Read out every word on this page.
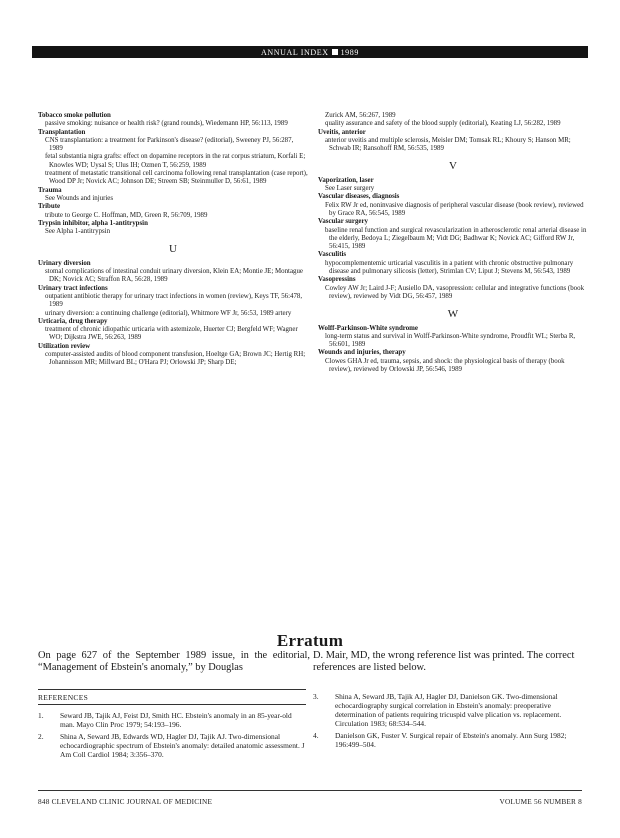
ANNUAL INDEX 1989

Tobacco smoke pollution

passive smoking: nuisance or health risk? (grand rounds), Wiedemann HP, 56:113, 1989

Transplantation

CNS transplantation: a treatment for Parkinson's disease? (editorial), Sweeney PJ, 56:287, 1989

fetal substantia nigra grafts: effect on dopamine receptors in the rat corpus striatum, Korfali E; Knowles WD; Uysal S; Ulus IH; Ozmen T, 56:259, 1989

treatment of metastatic transitional cell carcinoma following renal transplantation (case report), Wood DP Jr; Novick AC; Johnson DE; Streem SB; Steinmuller D, 56:61, 1989

Trauma

See Wounds and injuries

Tribute

tribute to George C. Hoffman, MD, Green R, 56:709, 1989

Trypsin inhibitor, alpha 1-antitrypsin

See Alpha 1-antitrypsin

U

Urinary diversion

stomal complications of intestinal conduit urinary diversion, Klein EA; Montie JE; Montague DK; Novick AC; Straffon RA, 56:28, 1989

Urinary tract infections

outpatient antibiotic therapy for urinary tract infections in women (review), Keys TF, 56:478, 1989

urinary diversion: a continuing challenge (editorial), Whitmore WF Jr, 56:53, 1989 artery

Urticaria, drug therapy

treatment of chronic idiopathic urticaria with astemizole, Huerter CJ; Bergfeld WF; Wagner WO; Dijkstra JWE, 56:263, 1989

Utilization review

computer-assisted audits of blood component transfusion, Hoeltge GA; Brown JC; Hertig RH; Johannisson MR; Millward BL; O'Hara PJ; Orlowski JP; Sharp DE;

Zurick AM, 56:267, 1989

quality assurance and safety of the blood supply (editorial), Keating LJ, 56:282, 1989

Uveitis, anterior

anterior uveitis and multiple sclerosis, Meisler DM; Tomsak RL; Khoury S; Hanson MR; Schwab IR; Ransohoff RM, 56:535, 1989

V

Vaporization, laser

See Laser surgery

Vascular diseases, diagnosis

Felix RW Jr ed, noninvasive diagnosis of peripheral vascular disease (book review), reviewed by Grace RA, 56:545, 1989

Vascular surgery

baseline renal function and surgical revascularization in atherosclerotic renal arterial disease in the elderly, Bedoya L; Ziegelbaum M; Vidt DG; Badhwar K; Novick AC; Gifford RW Jr, 56:415, 1989

Vasculitis

hypocomplementemic urticarial vasculitis in a patient with chronic obstructive pulmonary disease and pulmonary silicosis (letter), Strimlan CV; Liput J; Stevens M, 56:543, 1989

Vasopressins

Cowley AW Jr; Laird J-F; Ausiello DA, vasopression: cellular and integrative functions (book review), reviewed by Vidt DG, 56:457, 1989

W

Wolff-Parkinson-White syndrome

long-term status and survival in Wolff-Parkinson-White syndrome, Proudfit WL; Sterba R, 56:601, 1989

Wounds and injuries, therapy

Clowes GHA Jr ed, trauma, sepsis, and shock: the physiological basis of therapy (book review), reviewed by Orlowski JP, 56:546, 1989

Erratum
On page 627 of the September 1989 issue, in the editorial, “Management of Ebstein's anomaly,” by Douglas
D. Mair, MD, the wrong reference list was printed. The correct references are listed below.
REFERENCES
1.	Seward JB, Tajik AJ, Feist DJ, Smith HC. Ebstein's anomaly in an 85-year-old man. Mayo Clin Proc 1979; 54:193–196.
2.	Shina A, Seward JB, Edwards WD, Hagler DJ, Tajik AJ. Two-dimensional echocardiographic spectrum of Ebstein's anomaly: detailed anatomic assessment. J Am Coll Cardiol 1984; 3:356–370.
3.	Shina A, Seward JB, Tajik AJ, Hagler DJ, Danielson GK. Two-dimensional echocardiography surgical correlation in Ebstein's anomaly: preoperative determination of patients requiring tricuspid valve plication vs. replacement. Circulation 1983; 68:534–544.
4.	Danielson GK, Fuster V. Surgical repair of Ebstein's anomaly. Ann Surg 1982; 196:499–504.
848 CLEVELAND CLINIC JOURNAL OF MEDICINE	VOLUME 56 NUMBER 8
